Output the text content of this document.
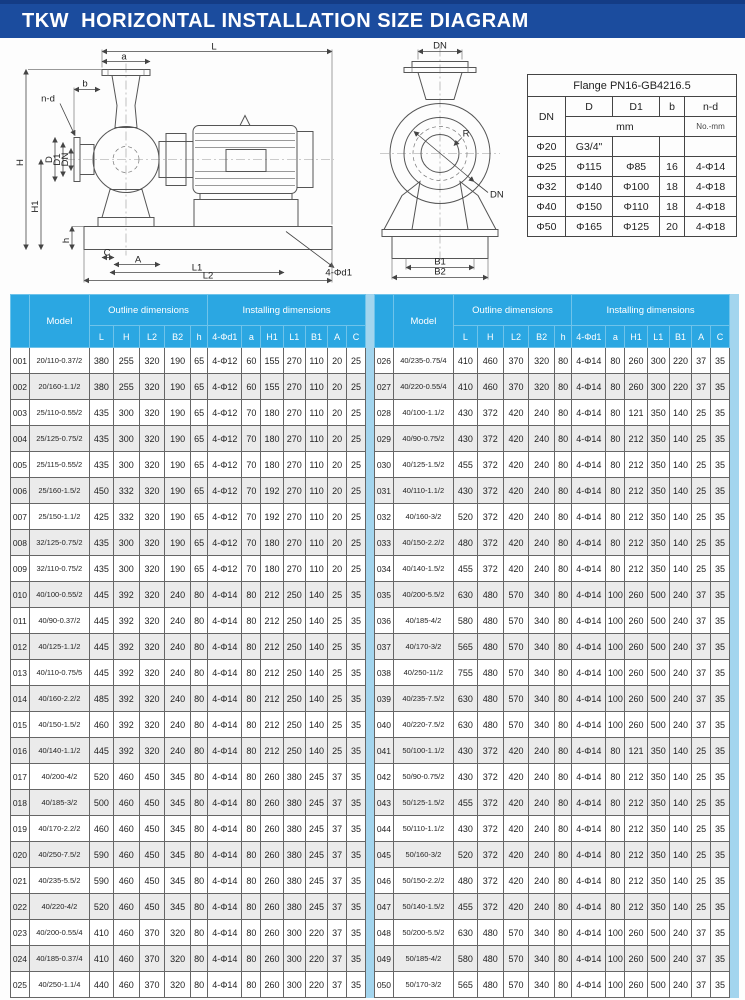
TKW  HORIZONTAL INSTALLATION SIZE DIAGRAM
L
a
b
n-d
H
H1
D
D1
DN
h
C
A
L1
L2	4-Φd1
DN
DN
R
B1
B2
Flange PN16-GB4216.5				
DN	D	D1	b	n-d
	mm			No.-mm
Φ20	G3/4"			
Φ25	Φ115	Φ85	16	4-Φ14
Φ32	Φ140	Φ100	18	4-Φ18
Φ40	Φ150	Φ110	18	4-Φ18
Φ50	Φ165	Φ125	20	4-Φ18
	Model	Outline dimensions					Installing dimensions						
		L	H	L2	B2	h	4-Φd1	a	H1	L1	B1	A	C
001	20/110-0.37/2	380	255	320	190	65	4-Φ12	60	155	270	110	20	25
002	20/160-1.1/2	380	255	320	190	65	4-Φ12	60	155	270	110	20	25
003	25/110-0.55/2	435	300	320	190	65	4-Φ12	70	180	270	110	20	25
004	25/125-0.75/2	435	300	320	190	65	4-Φ12	70	180	270	110	20	25
005	25/115-0.55/2	435	300	320	190	65	4-Φ12	70	180	270	110	20	25
006	25/160-1.5/2	450	332	320	190	65	4-Φ12	70	192	270	110	20	25
007	25/150-1.1/2	425	332	320	190	65	4-Φ12	70	192	270	110	20	25
008	32/125-0.75/2	435	300	320	190	65	4-Φ12	70	180	270	110	20	25
009	32/110-0.75/2	435	300	320	190	65	4-Φ12	70	180	270	110	20	25
010	40/100-0.55/2	445	392	320	240	80	4-Φ14	80	212	250	140	25	35
011	40/90-0.37/2	445	392	320	240	80	4-Φ14	80	212	250	140	25	35
012	40/125-1.1/2	445	392	320	240	80	4-Φ14	80	212	250	140	25	35
013	40/110-0.75/5	445	392	320	240	80	4-Φ14	80	212	250	140	25	35
014	40/160-2.2/2	485	392	320	240	80	4-Φ14	80	212	250	140	25	35
015	40/150-1.5/2	460	392	320	240	80	4-Φ14	80	212	250	140	25	35
016	40/140-1.1/2	445	392	320	240	80	4-Φ14	80	212	250	140	25	35
017	40/200-4/2	520	460	450	345	80	4-Φ14	80	260	380	245	37	35
018	40/185-3/2	500	460	450	345	80	4-Φ14	80	260	380	245	37	35
019	40/170-2.2/2	460	460	450	345	80	4-Φ14	80	260	380	245	37	35
020	40/250-7.5/2	590	460	450	345	80	4-Φ14	80	260	380	245	37	35
021	40/235-5.5/2	590	460	450	345	80	4-Φ14	80	260	380	245	37	35
022	40/220-4/2	520	460	450	345	80	4-Φ14	80	260	380	245	37	35
023	40/200-0.55/4	410	460	370	320	80	4-Φ14	80	260	300	220	37	35
024	40/185-0.37/4	410	460	370	320	80	4-Φ14	80	260	300	220	37	35
025	40/250-1.1/4	440	460	370	320	80	4-Φ14	80	260	300	220	37	35
	Model	Outline dimensions					Installing dimensions						
		L	H	L2	B2	h	4-Φd1	a	H1	L1	B1	A	C
026	40/235-0.75/4	410	460	370	320	80	4-Φ14	80	260	300	220	37	35
027	40/220-0.55/4	410	460	370	320	80	4-Φ14	80	260	300	220	37	35
028	40/100-1.1/2	430	372	420	240	80	4-Φ14	80	121	350	140	25	35
029	40/90-0.75/2	430	372	420	240	80	4-Φ14	80	212	350	140	25	35
030	40/125-1.5/2	455	372	420	240	80	4-Φ14	80	212	350	140	25	35
031	40/110-1.1/2	430	372	420	240	80	4-Φ14	80	212	350	140	25	35
032	40/160-3/2	520	372	420	240	80	4-Φ14	80	212	350	140	25	35
033	40/150-2.2/2	480	372	420	240	80	4-Φ14	80	212	350	140	25	35
034	40/140-1.5/2	455	372	420	240	80	4-Φ14	80	212	350	140	25	35
035	40/200-5.5/2	630	480	570	340	80	4-Φ14	100	260	500	240	37	35
036	40/185-4/2	580	480	570	340	80	4-Φ14	100	260	500	240	37	35
037	40/170-3/2	565	480	570	340	80	4-Φ14	100	260	500	240	37	35
038	40/250-11/2	755	480	570	340	80	4-Φ14	100	260	500	240	37	35
039	40/235-7.5/2	630	480	570	340	80	4-Φ14	100	260	500	240	37	35
040	40/220-7.5/2	630	480	570	340	80	4-Φ14	100	260	500	240	37	35
041	50/100-1.1/2	430	372	420	240	80	4-Φ14	80	121	350	140	25	35
042	50/90-0.75/2	430	372	420	240	80	4-Φ14	80	212	350	140	25	35
043	50/125-1.5/2	455	372	420	240	80	4-Φ14	80	212	350	140	25	35
044	50/110-1.1/2	430	372	420	240	80	4-Φ14	80	212	350	140	25	35
045	50/160-3/2	520	372	420	240	80	4-Φ14	80	212	350	140	25	35
046	50/150-2.2/2	480	372	420	240	80	4-Φ14	80	212	350	140	25	35
047	50/140-1.5/2	455	372	420	240	80	4-Φ14	80	212	350	140	25	35
048	50/200-5.5/2	630	480	570	340	80	4-Φ14	100	260	500	240	37	35
049	50/185-4/2	580	480	570	340	80	4-Φ14	100	260	500	240	37	35
050	50/170-3/2	565	480	570	340	80	4-Φ14	100	260	500	240	37	35
